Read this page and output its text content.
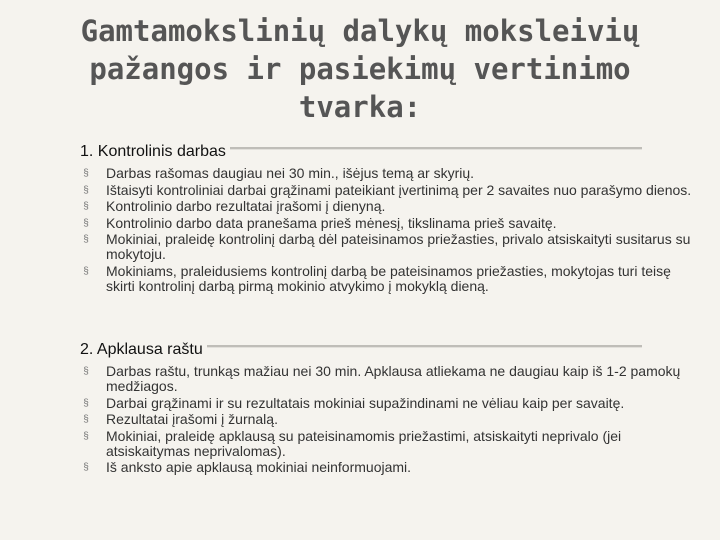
Gamtamokslinių dalykų moksleivių pažangos ir pasiekimų vertinimo tvarka:
1. Kontrolinis darbas
§ Darbas rašomas daugiau nei 30 min., išėjus temą ar skyrių.
§ Ištaisyti kontroliniai darbai grąžinami pateikiant įvertinimą per 2 savaites nuo parašymo dienos.
§ Kontrolinio darbo rezultatai įrašomi į dienyną.
§ Kontrolinio darbo data pranešama prieš mėnesį, tikslinama prieš savaitę.
§ Mokiniai, praleidę kontrolinį darbą dėl pateisinamos priežasties, privalo atsiskaityti susitarus su mokytoju.
§ Mokiniams, praleidusiems kontrolinį darbą be pateisinamos priežasties, mokytojas turi teisę skirti kontrolinį darbą pirmą mokinio atvykimo į mokyklą dieną.
2. Apklausa raštu
§ Darbas raštu, trunkąs mažiau nei 30 min. Apklausa atliekama ne daugiau kaip iš 1-2 pamokų medžiagos.
§ Darbai grąžinami ir su rezultatais mokiniai supažindinami ne vėliau kaip per savaitę.
§ Rezultatai įrašomi į žurnalą.
§ Mokiniai, praleidę apklausą su pateisinamomis priežastimi, atsiskaityti neprivalo (jei atsiskaitymas neprivalomas).
§ Iš anksto apie apklausą mokiniai neinformuojami.
